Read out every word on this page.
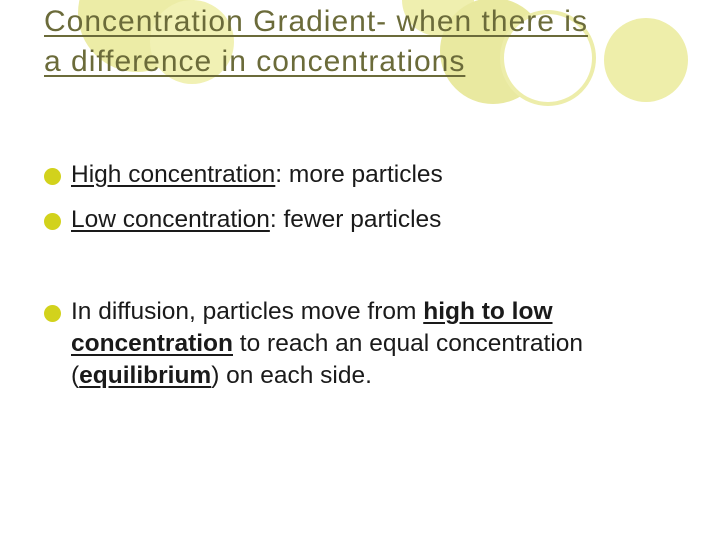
Concentration Gradient- when there is a difference in concentrations
High concentration: more particles
Low concentration: fewer particles
In diffusion, particles move from high to low concentration to reach an equal concentration (equilibrium) on each side.
